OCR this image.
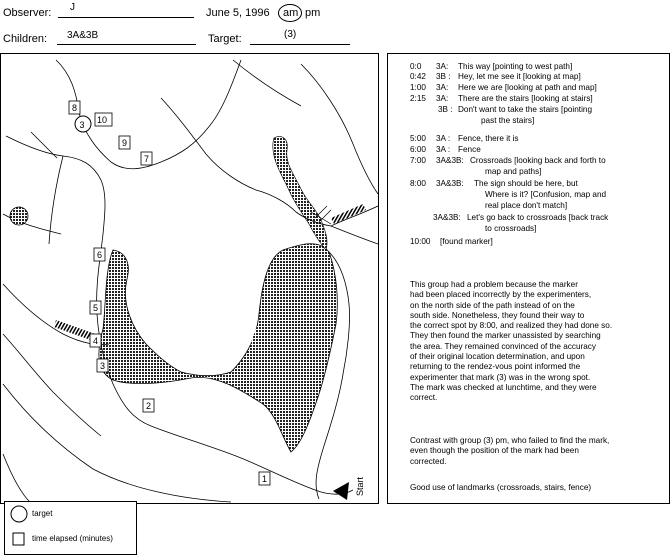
Observer: J	June 5, 1996 am pm
Children: 3A&3B	Target:	(3)
3
1
2
3
4
5
6
7
8
9
10
Start
target
time elapsed (minutes)
0:0 3A: This way [pointing to west path]
0:42 3B : Hey, let me see it [looking at map]
1:00 3A: Here we are [looking at path and map]
2:15 3A: There are the stairs [looking at stairs]
3B : Don't want to take the stairs [pointing
past the stairs]
5:00 3A : Fence, there it is
6:00 3A : Fence
7:00 3A&3B: Crossroads [looking back and forth to
map and paths]
8:00 3A&3B: The sign should be here, but
Where is it? [Confusion, map and
real place don't match]
3A&3B: Let's go back to crossroads [back track
to crossroads]
10:00 [found marker]
This group had a problem because the marker
had been placed incorrectly by the experimenters,
on the north side of the path instead of on the
south side. Nonetheless, they found their way to
the correct spot by 8:00, and realized they had done so.
They then found the marker unassisted by searching
the area. They remained convinced of the accuracy
of their original location determination, and upon
returning to the rendez-vous point informed the
experimenter that mark (3) was in the wrong spot.
The mark was checked at lunchtime, and they were
correct.
Contrast with group (3) pm, who failed to find the mark,
even though the position of the mark had been
corrected.
Good use of landmarks (crossroads, stairs, fence)
